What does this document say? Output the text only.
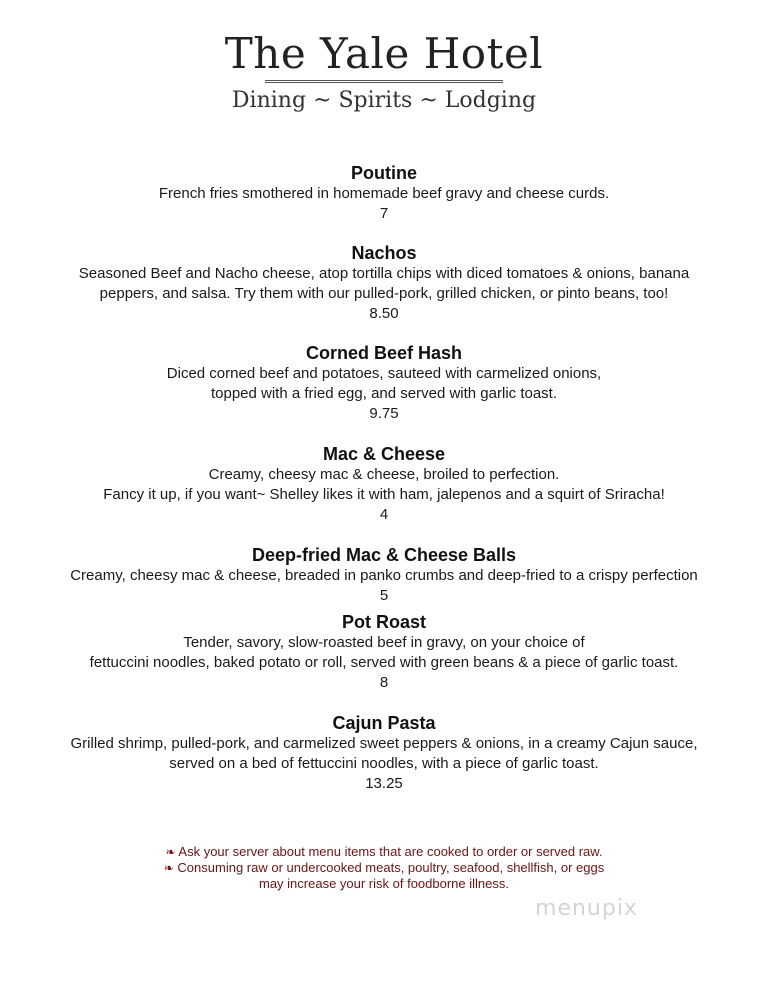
The Yale Hotel
Dining ~ Spirits ~ Lodging
Poutine
French fries smothered in homemade beef gravy and cheese curds.
7
Nachos
Seasoned Beef and Nacho cheese, atop tortilla chips with diced tomatoes & onions, banana
peppers, and salsa. Try them with our pulled-pork, grilled chicken, or pinto beans, too!
8.50
Corned Beef Hash
Diced corned beef and potatoes, sauteed with carmelized onions,
topped with a fried egg, and served with garlic toast.
9.75
Mac & Cheese
Creamy, cheesy mac & cheese, broiled to perfection.
Fancy it up, if you want~ Shelley likes it with ham, jalepenos and a squirt of Sriracha!
4
Deep-fried Mac & Cheese Balls
Creamy, cheesy mac & cheese, breaded in panko crumbs and deep-fried to a crispy perfection
5
Pot Roast
Tender, savory, slow-roasted beef in gravy, on your choice of
fettuccini noodles, baked potato or roll, served with green beans & a piece of garlic toast.
8
Cajun Pasta
Grilled shrimp, pulled-pork, and carmelized sweet peppers & onions, in a creamy Cajun sauce,
served on a bed of fettuccini noodles, with a piece of garlic toast.
13.25
❧ Ask your server about menu items that are cooked to order or served raw.
❧ Consuming raw or undercooked meats, poultry, seafood, shellfish, or eggs
may increase your risk of foodborne illness.
menupix
